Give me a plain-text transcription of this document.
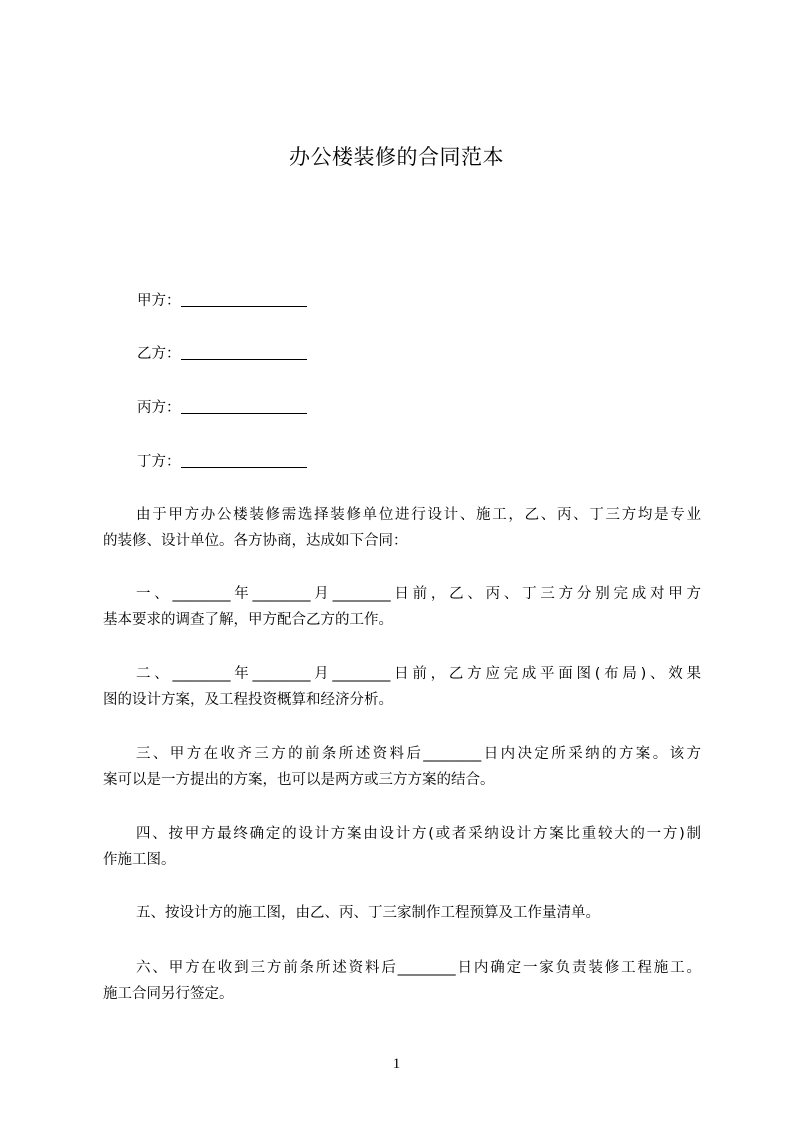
办公楼装修的合同范本
甲方：
乙方：
丙方：
丁方：
由于甲方办公楼装修需选择装修单位进行设计、施工，乙、丙、丁三方均是专业
的装修、设计单位。各方协商，达成如下合同：
一、________年________月________日前，乙、丙、丁三方分别完成对甲方
基本要求的调查了解，甲方配合乙方的工作。
二、________年________月________日前，乙方应完成平面图(布局)、效果
图的设计方案，及工程投资概算和经济分析。
三、甲方在收齐三方的前条所述资料后________日内决定所采纳的方案。该方
案可以是一方提出的方案，也可以是两方或三方方案的结合。
四、按甲方最终确定的设计方案由设计方(或者采纳设计方案比重较大的一方)制
作施工图。
五、按设计方的施工图，由乙、丙、丁三家制作工程预算及工作量清单。
六、甲方在收到三方前条所述资料后________日内确定一家负责装修工程施工。
施工合同另行签定。
1
